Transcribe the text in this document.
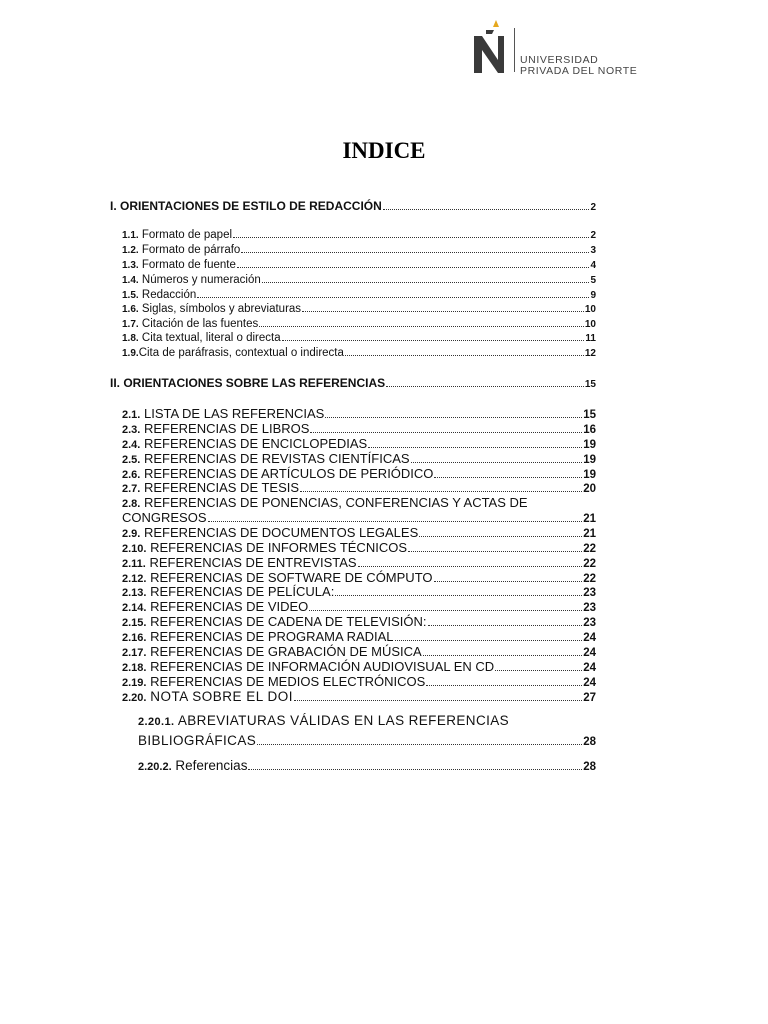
UNIVERSIDAD
PRIVADA DEL NORTE
INDICE
I. ORIENTACIONES DE ESTILO DE REDACCIÓN	2
1.1. Formato de papel	2
1.2. Formato de párrafo	3
1.3. Formato de fuente	4
1.4. Números y numeración	5
1.5. Redacción	9
1.6. Siglas, símbolos y abreviaturas	10
1.7. Citación de las fuentes	10
1.8. Cita textual, literal o directa	11
1.9.Cita de paráfrasis, contextual o indirecta	12
II. ORIENTACIONES SOBRE LAS REFERENCIAS	15
2.1. LISTA DE LAS REFERENCIAS	15
2.3. REFERENCIAS DE LIBROS	16
2.4. REFERENCIAS DE ENCICLOPEDIAS	19
2.5. REFERENCIAS DE REVISTAS CIENTÍFICAS	19
2.6. REFERENCIAS DE ARTÍCULOS DE PERIÓDICO	19
2.7. REFERENCIAS DE TESIS	20
2.8. REFERENCIAS DE PONENCIAS, CONFERENCIAS Y ACTAS DE
CONGRESOS	21
2.9. REFERENCIAS DE DOCUMENTOS LEGALES	21
2.10. REFERENCIAS DE INFORMES TÉCNICOS	22
2.11. REFERENCIAS DE ENTREVISTAS	22
2.12. REFERENCIAS DE SOFTWARE DE CÓMPUTO	22
2.13. REFERENCIAS DE PELÍCULA:	23
2.14. REFERENCIAS DE VIDEO	23
2.15. REFERENCIAS DE CADENA DE TELEVISIÓN:	23
2.16. REFERENCIAS DE PROGRAMA RADIAL	24
2.17. REFERENCIAS DE GRABACIÓN DE MÚSICA	24
2.18. REFERENCIAS DE INFORMACIÓN AUDIOVISUAL EN CD	24
2.19. REFERENCIAS DE MEDIOS ELECTRÓNICOS	24
2.20. NOTA SOBRE EL DOI	27
2.20.1. ABREVIATURAS VÁLIDAS EN LAS REFERENCIAS
BIBLIOGRÁFICAS	28
2.20.2. Referencias	28
